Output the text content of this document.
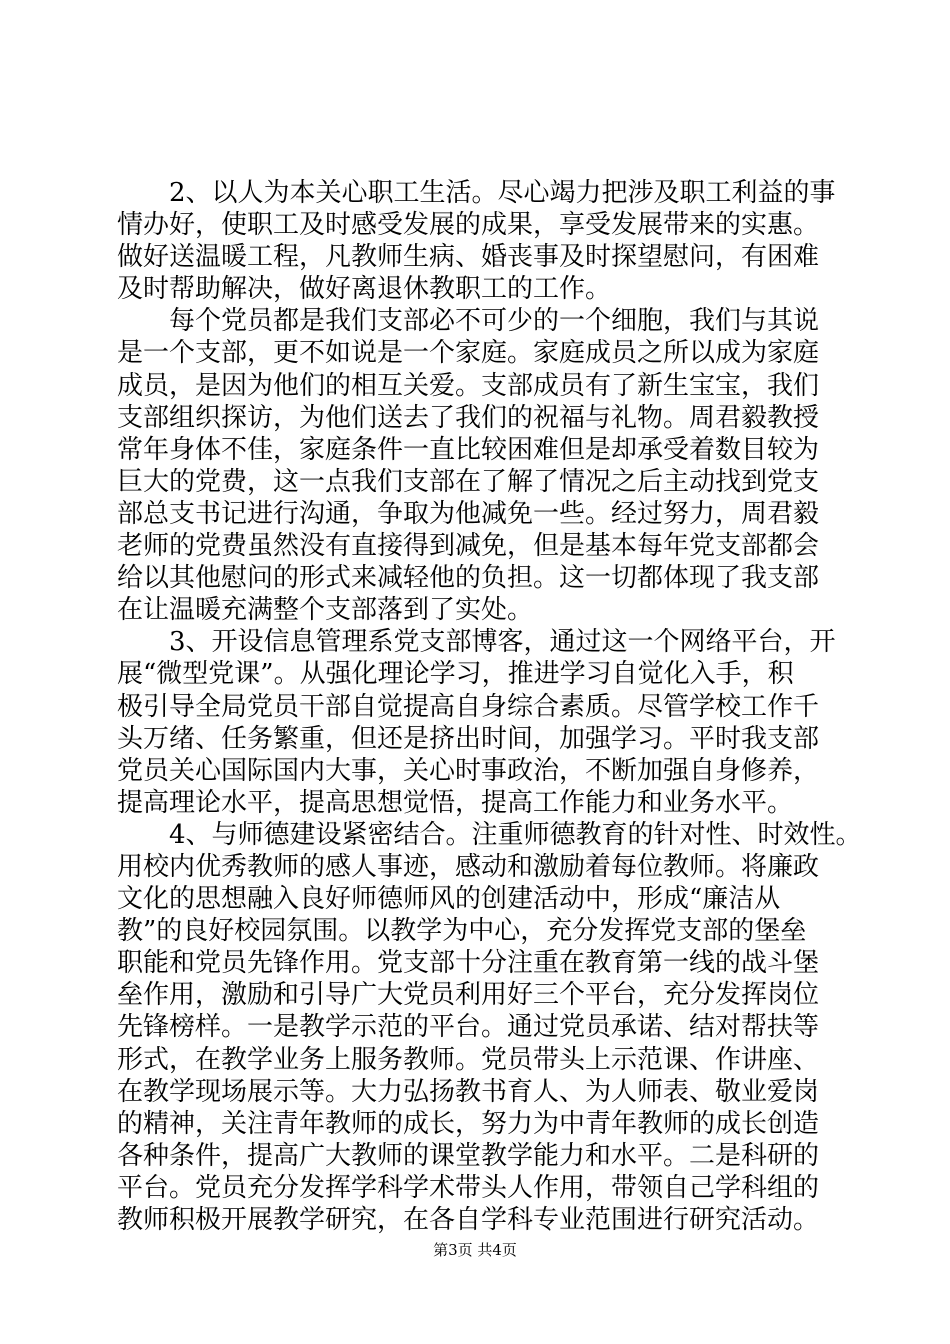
2、以人为本关心职工生活。尽心竭力把涉及职工利益的事
情办好，使职工及时感受发展的成果，享受发展带来的实惠。
做好送温暖工程，凡教师生病、婚丧事及时探望慰问，有困难
及时帮助解决，做好离退休教职工的工作。
每个党员都是我们支部必不可少的一个细胞，我们与其说
是一个支部，更不如说是一个家庭。家庭成员之所以成为家庭
成员，是因为他们的相互关爱。支部成员有了新生宝宝，我们
支部组织探访，为他们送去了我们的祝福与礼物。周君毅教授
常年身体不佳，家庭条件一直比较困难但是却承受着数目较为
巨大的党费，这一点我们支部在了解了情况之后主动找到党支
部总支书记进行沟通，争取为他减免一些。经过努力，周君毅
老师的党费虽然没有直接得到减免，但是基本每年党支部都会
给以其他慰问的形式来减轻他的负担。这一切都体现了我支部
在让温暖充满整个支部落到了实处。
3、开设信息管理系党支部博客，通过这一个网络平台，开
展“微型党课”。从强化理论学习，推进学习自觉化入手，积
极引导全局党员干部自觉提高自身综合素质。尽管学校工作千
头万绪、任务繁重，但还是挤出时间，加强学习。平时我支部
党员关心国际国内大事，关心时事政治，不断加强自身修养，
提高理论水平，提高思想觉悟，提高工作能力和业务水平。
4、与师德建设紧密结合。注重师德教育的针对性、时效性。
用校内优秀教师的感人事迹，感动和激励着每位教师。将廉政
文化的思想融入良好师德师风的创建活动中，形成“廉洁从
教”的良好校园氛围。以教学为中心，充分发挥党支部的堡垒
职能和党员先锋作用。党支部十分注重在教育第一线的战斗堡
垒作用，激励和引导广大党员利用好三个平台，充分发挥岗位
先锋榜样。一是教学示范的平台。通过党员承诺、结对帮扶等
形式，在教学业务上服务教师。党员带头上示范课、作讲座、
在教学现场展示等。大力弘扬教书育人、为人师表、敬业爱岗
的精神，关注青年教师的成长，努力为中青年教师的成长创造
各种条件，提高广大教师的课堂教学能力和水平。二是科研的
平台。党员充分发挥学科学术带头人作用，带领自己学科组的
教师积极开展教学研究，在各自学科专业范围进行研究活动。
第3页 共4页
